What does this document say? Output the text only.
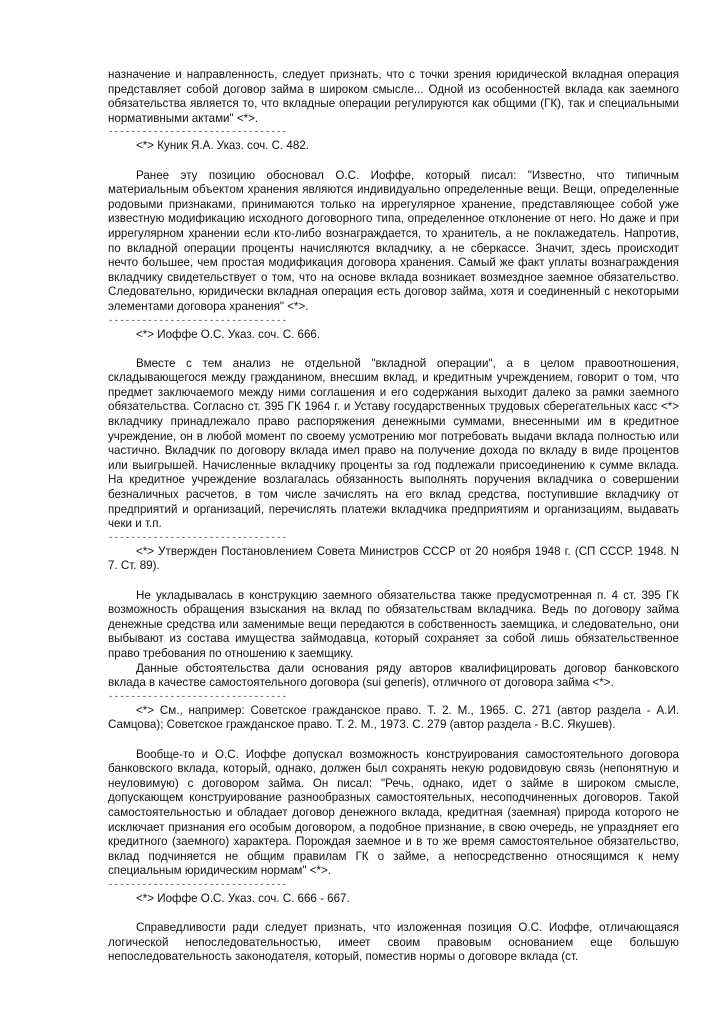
назначение и направленность, следует признать, что с точки зрения юридической вкладная операция представляет собой договор займа в широком смысле... Одной из особенностей вклада как заемного обязательства является то, что вкладные операции регулируются как общими (ГК), так и специальными нормативными актами" <*>.

--------------------------------

<*> Куник Я.А. Указ. соч. С. 482.

Ранее эту позицию обосновал О.С. Иоффе, который писал: "Известно, что типичным материальным объектом хранения являются индивидуально определенные вещи. Вещи, определенные родовыми признаками, принимаются только на иррегулярное хранение, представляющее собой уже известную модификацию исходного договорного типа, определенное отклонение от него. Но даже и при иррегулярном хранении если кто-либо вознаграждается, то хранитель, а не поклажедатель. Напротив, по вкладной операции проценты начисляются вкладчику, а не сберкассе. Значит, здесь происходит нечто большее, чем простая модификация договора хранения. Самый же факт уплаты вознаграждения вкладчику свидетельствует о том, что на основе вклада возникает возмездное заемное обязательство. Следовательно, юридически вкладная операция есть договор займа, хотя и соединенный с некоторыми элементами договора хранения" <*>.

--------------------------------

<*> Иоффе О.С. Указ. соч. С. 666.

Вместе с тем анализ не отдельной "вкладной операции", а в целом правоотношения, складывающегося между гражданином, внесшим вклад, и кредитным учреждением, говорит о том, что предмет заключаемого между ними соглашения и его содержания выходит далеко за рамки заемного обязательства. Согласно ст. 395 ГК 1964 г. и Уставу государственных трудовых сберегательных касс <*> вкладчику принадлежало право распоряжения денежными суммами, внесенными им в кредитное учреждение, он в любой момент по своему усмотрению мог потребовать выдачи вклада полностью или частично. Вкладчик по договору вклада имел право на получение дохода по вкладу в виде процентов или выигрышей. Начисленные вкладчику проценты за год подлежали присоединению к сумме вклада. На кредитное учреждение возлагалась обязанность выполнять поручения вкладчика о совершении безналичных расчетов, в том числе зачислять на его вклад средства, поступившие вкладчику от предприятий и организаций, перечислять платежи вкладчика предприятиям и организациям, выдавать чеки и т.п.

--------------------------------

<*> Утвержден Постановлением Совета Министров СССР от 20 ноября 1948 г. (СП СССР. 1948. N 7. Ст. 89).

Не укладывалась в конструкцию заемного обязательства также предусмотренная п. 4 ст. 395 ГК возможность обращения взыскания на вклад по обязательствам вкладчика. Ведь по договору займа денежные средства или заменимые вещи передаются в собственность заемщика, и следовательно, они выбывают из состава имущества займодавца, который сохраняет за собой лишь обязательственное право требования по отношению к заемщику.

Данные обстоятельства дали основания ряду авторов квалифицировать договор банковского вклада в качестве самостоятельного договора (sui generis), отличного от договора займа <*>.

--------------------------------

<*> См., например: Советское гражданское право. Т. 2. М., 1965. С. 271 (автор раздела - А.И. Самцова); Советское гражданское право. Т. 2. М., 1973. С. 279 (автор раздела - В.С. Якушев).

Вообще-то и О.С. Иоффе допускал возможность конструирования самостоятельного договора банковского вклада, который, однако, должен был сохранять некую родовидовую связь (непонятную и неуловимую) с договором займа. Он писал: "Речь, однако, идет о займе в широком смысле, допускающем конструирование разнообразных самостоятельных, несоподчиненных договоров. Такой самостоятельностью и обладает договор денежного вклада, кредитная (заемная) природа которого не исключает признания его особым договором, а подобное признание, в свою очередь, не упраздняет его кредитного (заемного) характера. Порождая заемное и в то же время самостоятельное обязательство, вклад подчиняется не общим правилам ГК о займе, а непосредственно относящимся к нему специальным юридическим нормам" <*>.

--------------------------------

<*> Иоффе О.С. Указ. соч. С. 666 - 667.

Справедливости ради следует признать, что изложенная позиция О.С. Иоффе, отличающаяся логической непоследовательностью, имеет своим правовым основанием еще большую непоследовательность законодателя, который, поместив нормы о договоре вклада (ст.
